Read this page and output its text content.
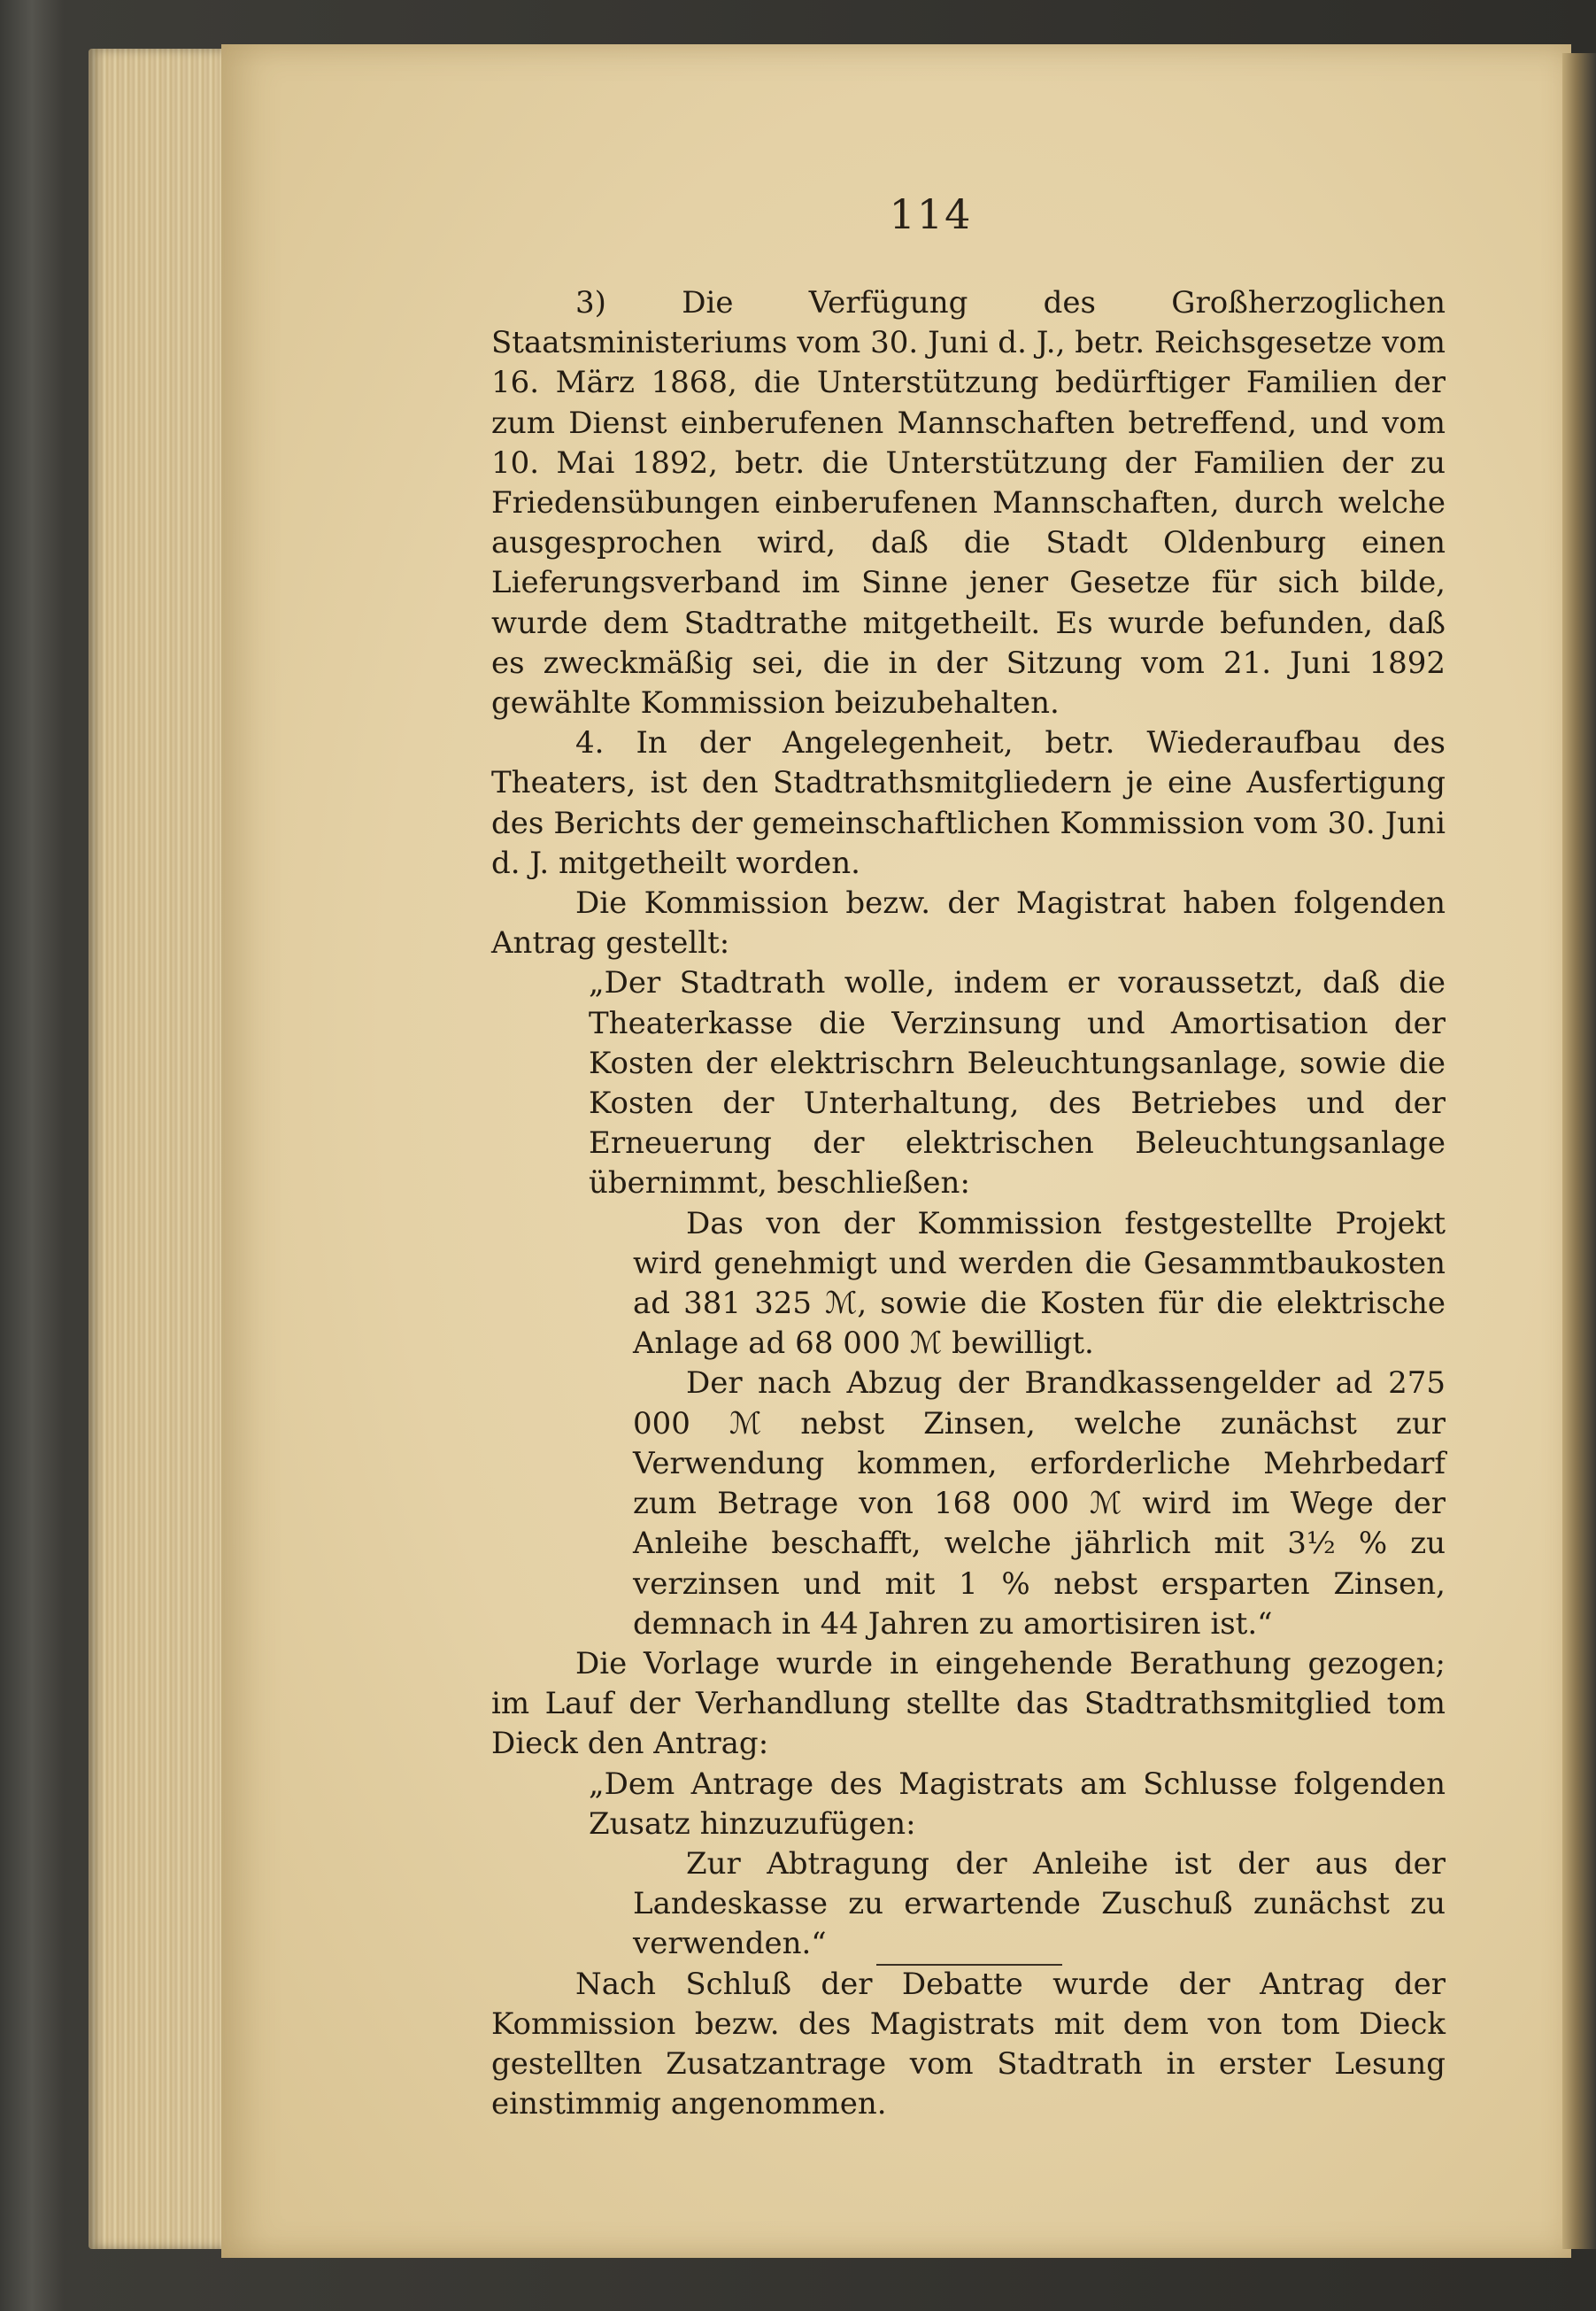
114

3) Die Verfügung des Großherzoglichen Staatsministeriums vom 30. Juni d. J., betr. Reichsgesetze vom 16. März 1868, die Unterstützung bedürftiger Familien der zum Dienst einberufenen Mannschaften betreffend, und vom 10. Mai 1892, betr. die Unterstützung der Familien der zu Friedensübungen einberufenen Mannschaften, durch welche ausgesprochen wird, daß die Stadt Oldenburg einen Lieferungsverband im Sinne jener Gesetze für sich bilde, wurde dem Stadtrathe mitgetheilt. Es wurde befunden, daß es zweckmäßig sei, die in der Sitzung vom 21. Juni 1892 gewählte Kommission beizubehalten.

4. In der Angelegenheit, betr. Wiederaufbau des Theaters, ist den Stadtrathsmitgliedern je eine Ausfertigung des Berichts der gemeinschaftlichen Kommission vom 30. Juni d. J. mitgetheilt worden.

Die Kommission bezw. der Magistrat haben folgenden Antrag gestellt:

„Der Stadtrath wolle, indem er voraussetzt, daß die Theaterkasse die Verzinsung und Amortisation der Kosten der elektrischrn Beleuchtungsanlage, sowie die Kosten der Unterhaltung, des Betriebes und der Erneuerung der elektrischen Beleuchtungsanlage übernimmt, beschließen:

Das von der Kommission festgestellte Projekt wird genehmigt und werden die Gesammtbaukosten ad 381 325 ℳ, sowie die Kosten für die elektrische Anlage ad 68 000 ℳ bewilligt.

Der nach Abzug der Brandkassengelder ad 275 000 ℳ nebst Zinsen, welche zunächst zur Verwendung kommen, erforderliche Mehrbedarf zum Betrage von 168 000 ℳ wird im Wege der Anleihe beschafft, welche jährlich mit 3½ % zu verzinsen und mit 1 % nebst ersparten Zinsen, demnach in 44 Jahren zu amortisiren ist.“

Die Vorlage wurde in eingehende Berathung gezogen; im Lauf der Verhandlung stellte das Stadtrathsmitglied tom Dieck den Antrag:

„Dem Antrage des Magistrats am Schlusse folgenden Zusatz hinzuzufügen:

Zur Abtragung der Anleihe ist der aus der Landeskasse zu erwartende Zuschuß zunächst zu verwenden.“

Nach Schluß der Debatte wurde der Antrag der Kommission bezw. des Magistrats mit dem von tom Dieck gestellten Zusatzantrage vom Stadtrath in erster Lesung einstimmig angenommen.
